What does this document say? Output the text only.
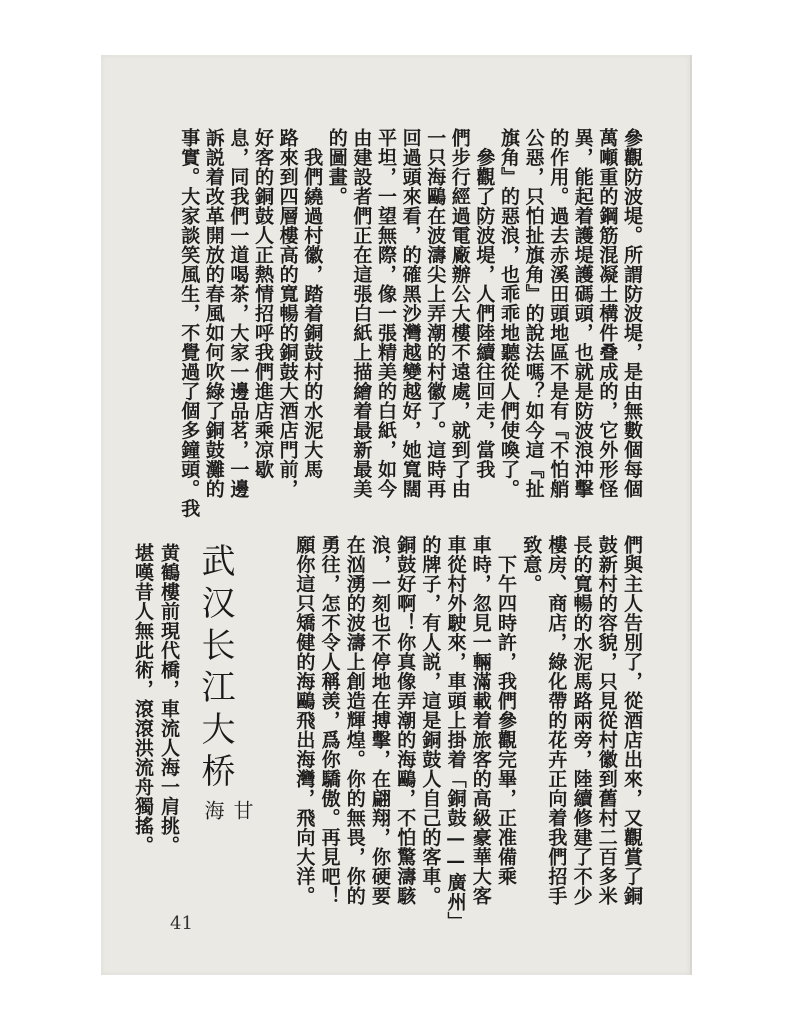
參觀防波堤。所謂防波堤，是由無數個每個
萬噸重的鋼筋混凝土構件叠成的，它外形怪
異，能起着護堤護碼頭，也就是防波浪沖擊
的作用。過去赤溪田頭地區不是有『不怕艄
公惡，只怕扯旗角』的說法嗎？如今這『扯
旗角』的惡浪，也乖乖地聽從人們使喚了。
　參觀了防波堤，人們陸續往回走，當我
們步行經過電廠辦公大樓不遠處，就到了由
一只海鷗在波濤尖上弄潮的村徽了。這時再
回過頭來看，的確黑沙灣越變越好，她寬闊
平坦，一望無際，像一張精美的白紙，如今
由建設者們正在這張白紙上描繪着最新最美
的圖畫。
　我們繞過村徽，踏着銅鼓村的水泥大馬
路來到四層樓高的寬暢的銅鼓大酒店門前，
好客的銅鼓人正熱情招呼我們進店乘凉歇
息，同我們一道喝茶，大家一邊品茗，一邊
訴説着改革開放的春風如何吹綠了銅鼓灘的
事實。大家談笑風生，不覺過了個多鐘頭。我
們與主人告別了，從酒店出來，又觀賞了銅
鼓新村的容貌，只見從村徽到舊村二百多米
長的寬暢的水泥馬路兩旁，陸續修建了不少
樓房、商店，綠化帶的花卉正向着我們招手
致意。
　下午四時許，我們參觀完畢，正准備乘
車時，忽見一輛滿載着旅客的高級豪華大客
車從村外駛來，車頭上掛着「銅鼓——廣州」
的牌子，有人説，這是銅鼓人自己的客車。
銅鼓好啊！你真像弄潮的海鷗，不怕驚濤駭
浪，一刻也不停地在搏擊，在翩翔，你硬要
在汹湧的波濤上創造輝煌。你的無畏，你的
勇往，怎不令人稱羡，爲你驕傲。再見吧！
願你這只矯健的海鷗飛出海灣，飛向大洋。
武汉长江大桥
甘 海
黄鶴樓前現代橋，車流人海一肩挑。
堪嘆昔人無此術，滾滾洪流舟獨搖。
41
